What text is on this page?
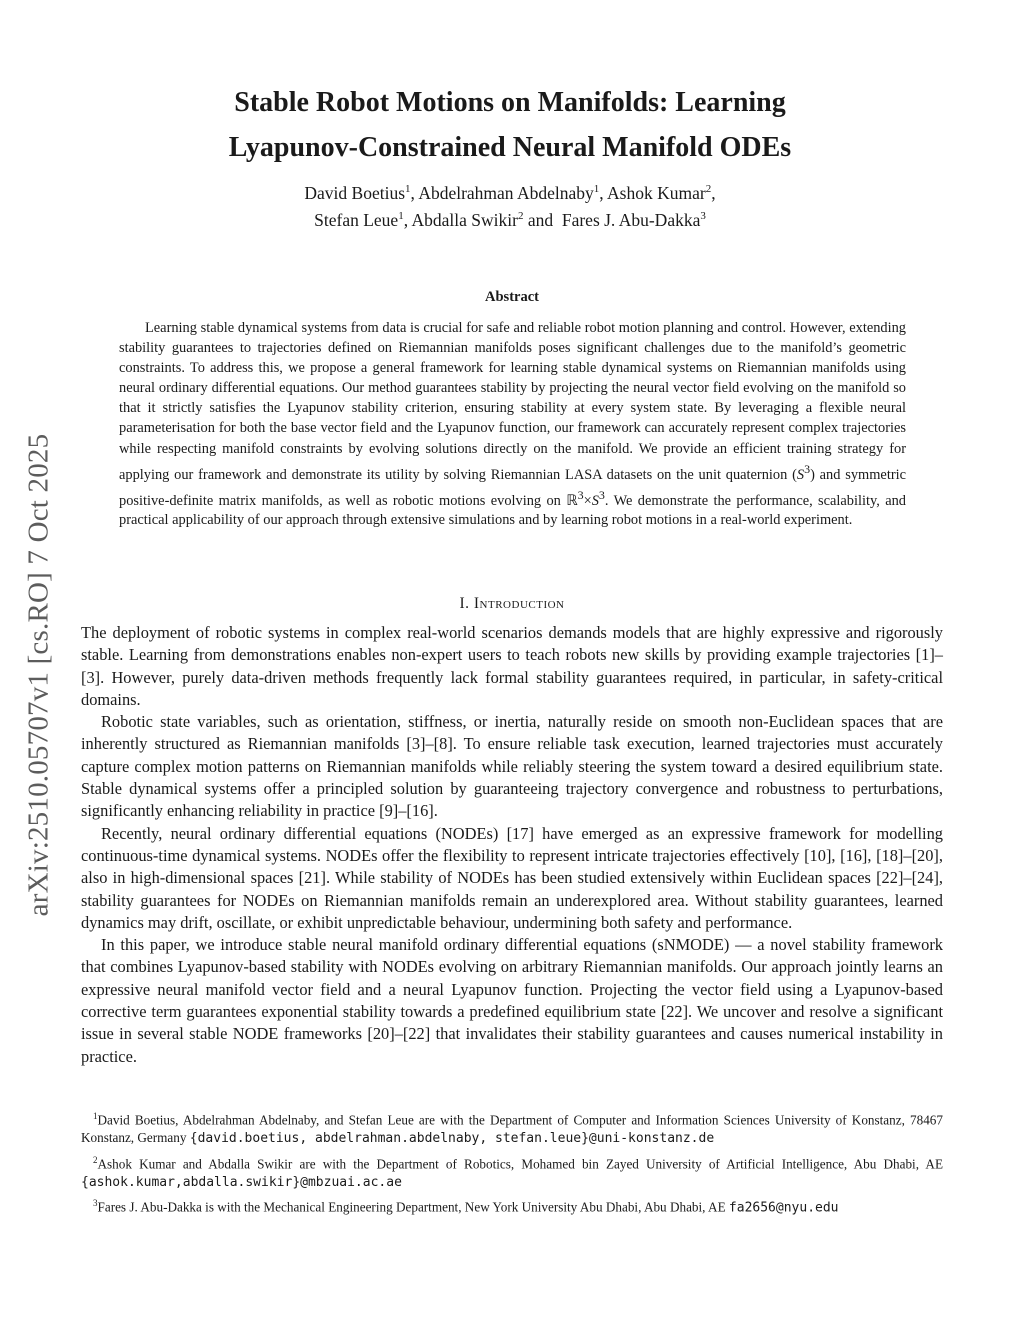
arXiv:2510.05707v1 [cs.RO] 7 Oct 2025
Stable Robot Motions on Manifolds: Learning
Lyapunov-Constrained Neural Manifold ODEs
David Boetius$^1$, Abdelrahman Abdelnaby$^1$, Ashok Kumar$^2$,
Stefan Leue$^1$, Abdalla Swikir$^2$ and  Fares J. Abu-Dakka$^3$
Abstract
Learning stable dynamical systems from data is crucial for safe and reliable robot motion planning and control. However, extending stability guarantees to trajectories defined on Riemannian manifolds poses significant challenges due to the manifold’s geometric constraints. To address this, we propose a general framework for learning stable dynamical systems on Riemannian manifolds using neural ordinary differential equations. Our method guarantees stability by projecting the neural vector field evolving on the manifold so that it strictly satisfies the Lyapunov stability criterion, ensuring stability at every system state. By leveraging a flexible neural parameterisation for both the base vector field and the Lyapunov function, our framework can accurately represent complex trajectories while respecting manifold constraints by evolving solutions directly on the manifold. We provide an efficient training strategy for applying our framework and demonstrate its utility by solving Riemannian LASA datasets on the unit quaternion $(S^3)$ and symmetric positive-definite matrix manifolds, as well as robotic motions evolving on $ℝ^3\times S^3$. We demonstrate the performance, scalability, and practical applicability of our approach through extensive simulations and by learning robot motions in a real-world experiment.
I. Introduction

The deployment of robotic systems in complex real-world scenarios demands models that are highly expressive and rigorously stable. Learning from demonstrations enables non-expert users to teach robots new skills by providing example trajectories [1]–[3]. However, purely data-driven methods frequently lack formal stability guarantees required, in particular, in safety-critical domains.

Robotic state variables, such as orientation, stiffness, or inertia, naturally reside on smooth non-Euclidean spaces that are inherently structured as Riemannian manifolds [3]–[8]. To ensure reliable task execution, learned trajectories must accurately capture complex motion patterns on Riemannian manifolds while reliably steering the system toward a desired equilibrium state. Stable dynamical systems offer a principled solution by guaranteeing trajectory convergence and robustness to perturbations, significantly enhancing reliability in practice [9]–[16].

Recently, neural ordinary differential equations (NODEs) [17] have emerged as an expressive framework for modelling continuous-time dynamical systems. NODEs offer the flexibility to represent intricate trajectories effectively [10], [16], [18]–[20], also in high-dimensional spaces [21]. While stability of NODEs has been studied extensively within Euclidean spaces [22]–[24], stability guarantees for NODEs on Riemannian manifolds remain an underexplored area. Without stability guarantees, learned dynamics may drift, oscillate, or exhibit unpredictable behaviour, undermining both safety and performance.

In this paper, we introduce stable neural manifold ordinary differential equations (sNMODE) — a novel stability framework that combines Lyapunov-based stability with NODEs evolving on arbitrary Riemannian manifolds. Our approach jointly learns an expressive neural manifold vector field and a neural Lyapunov function. Projecting the vector field using a Lyapunov-based corrective term guarantees exponential stability towards a predefined equilibrium state [22]. We uncover and resolve a significant issue in several stable NODE frameworks [20]–[22] that invalidates their stability guarantees and causes numerical instability in practice.

$^1$David Boetius, Abdelrahman Abdelnaby, and Stefan Leue are with the Department of Computer and Information Sciences University of Konstanz, 78467 Konstanz, Germany {david.boetius, abdelrahman.abdelnaby, stefan.leue}@uni-konstanz.de

$^2$Ashok Kumar and Abdalla Swikir are with the Department of Robotics, Mohamed bin Zayed University of Artificial Intelligence, Abu Dhabi, AE {ashok.kumar,abdalla.swikir}@mbzuai.ac.ae

$^3$Fares J. Abu-Dakka is with the Mechanical Engineering Department, New York University Abu Dhabi, Abu Dhabi, AE fa2656@nyu.edu
